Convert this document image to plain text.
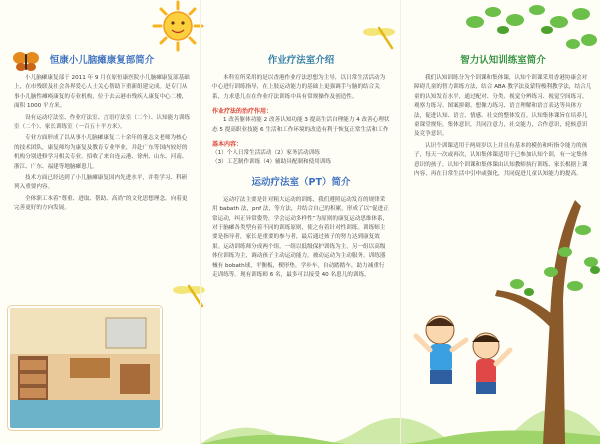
恒康小儿脑瘫康复部简介

小儿脑瘫康复部于 2011 年 9 月在原恒康医院小儿脑瘫康复部基础上，在市残联及社会各界爱心人士关心帮助下重新组建完成。是专门从事小儿脑性瘫痪康复的专业机构，位于去云港市残疾人康复中心二楼，面积 1000 平方米。

设有运动疗法室、作业疗法室、言语疗法室（二个）、认知能力训练室（二个）、家长训练室（一百五十平方米）。

专业方面形成了以从事小儿脑瘫康复二十余年的董志文老师为核心的技术团队，康复师均为康复及教育专业毕业，并赴广东等国内较好的机构分别进修学习相关专业。招收了来自连云港、徐州、山东、河南、浙江、广东、福建等地脑瘫患儿。

技术方面已经达到了小儿脑瘫康复国内先进水平，并将学习、科研列入重要内容。

全体职工本着“尊重、进取、帮助、高尚”的文化思想理念，向着更完善更好的方向发展。

作业疗法室介绍

本科室所采用的是以香港作业疗法思想为主导，以日常生活活动为中心进行训练指导，在上肢运动能力的基础上更强调手与脑的结合关系，力求患儿在在作业疗法训练中具有常规操作及创造性。

作业疗法的治疗作用：

1 改善躯体功能 2 改善认知功能 3 提高生活自理能力 4 改善心理状态 5 提高职业技能 6 生活和工作环境的改造有利于恢复正常生活和工作

基本内容：

（1）个人日常生活活动（2）家务活动训练

（3）工艺制作训练（4）辅助具配制和使用训练

运动疗法室（PT）简介

运动疗法主要是针对粗大运动的训练，我们遵照运动发育的规律采用 babath 法，pnf 法，等方法，并结合自己的积累，形成了以“促进正常运动，纠正异常姿势，学会运动多样性”为原则的康复运动思维体系，对于脑瘫各类型有着不同的训练原则，使之有着针对性训练。训练师主要是指导者，家长是重要的参与者，最后通过孩子的努力达到康复效果。运动训练师分成两个组，一组以低级保护训练为主，另一组以高级体位训练为主，调动孩子主动运动能力，被动运动为主动服务。训练器械有 bobath球，平衡板，楔形垫，学步车，自动踏踏车，助力减重行走训练等。现有训练师 6 名，最多可以接受 40 名患儿的训练。

智力认知训练室简介

我们认知训练分为个训课和集体课，认知个训课采用香港协康会对障碍儿童的智力训练方法，结合 ABA 教学法及蒙特梭利教学法，结合儿童的认知发育水平，通过配对、分类、视觉分辨练习、视觉空间练习、观察力练习、图案拼砌、想像力练习、语言理解和语言表达等具体方法，促进认知、语言、情感、社交的整体发育。认知集体课旨在培养儿童课堂规矩，集体意识，共同注意力，社交能力，合作意识，轮候意识及竞争意识。

认识个训课适用于两周岁以上并且有基本的模仿和听指令能力的孩子，每天一次或再次，认知集体课适用于已参加认知个训，有一定集体意识的孩子，认知个训课和集体课由认知教师执行训练，家长根据上课内容，再在日常生活中引申或强化，共同促进儿童认知能力的提高。
